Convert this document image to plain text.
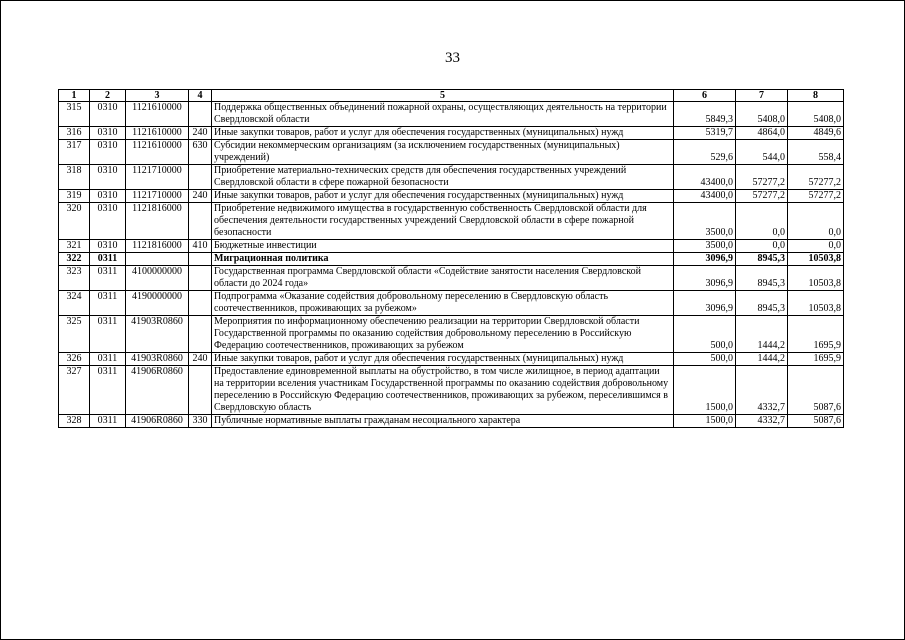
33
1	2	3	4	5	6	7	8
315	0310	1121610000		Поддержка общественных объединений пожарной охраны, осуществляющих деятельность на территории Свердловской области	5849,3	5408,0	5408,0
316	0310	1121610000	240	Иные закупки товаров, работ и услуг для обеспечения государственных (муниципальных) нужд	5319,7	4864,0	4849,6
317	0310	1121610000	630	Субсидии некоммерческим организациям (за исключением государственных (муниципальных) учреждений)	529,6	544,0	558,4
318	0310	1121710000		Приобретение материально-технических средств для обеспечения государственных учреждений Свердловской области в сфере пожарной безопасности	43400,0	57277,2	57277,2
319	0310	1121710000	240	Иные закупки товаров, работ и услуг для обеспечения государственных (муниципальных) нужд	43400,0	57277,2	57277,2
320	0310	1121816000		Приобретение недвижимого имущества в государственную собственность Свердловской области для обеспечения деятельности государственных учреждений Свердловской области в сфере пожарной безопасности	3500,0	0,0	0,0
321	0310	1121816000	410	Бюджетные инвестиции	3500,0	0,0	0,0
322	0311			Миграционная политика	3096,9	8945,3	10503,8
323	0311	4100000000		Государственная программа Свердловской области «Содействие занятости населения Свердловской области до 2024 года»	3096,9	8945,3	10503,8
324	0311	4190000000		Подпрограмма «Оказание содействия добровольному переселению в Свердловскую область соотечественников, проживающих за рубежом»	3096,9	8945,3	10503,8
325	0311	41903R0860		Мероприятия по информационному обеспечению реализации на территории Свердловской области Государственной программы по оказанию содействия добровольному переселению в Российскую Федерацию соотечественников, проживающих за рубежом	500,0	1444,2	1695,9
326	0311	41903R0860	240	Иные закупки товаров, работ и услуг для обеспечения государственных (муниципальных) нужд	500,0	1444,2	1695,9
327	0311	41906R0860		Предоставление единовременной выплаты на обустройство, в том числе жилищное, в период адаптации на территории вселения участникам Государственной программы по оказанию содействия добровольному переселению в Российскую Федерацию соотечественников, проживающих за рубежом, переселившимся в Свердловскую область	1500,0	4332,7	5087,6
328	0311	41906R0860	330	Публичные нормативные выплаты гражданам несоциального характера	1500,0	4332,7	5087,6
